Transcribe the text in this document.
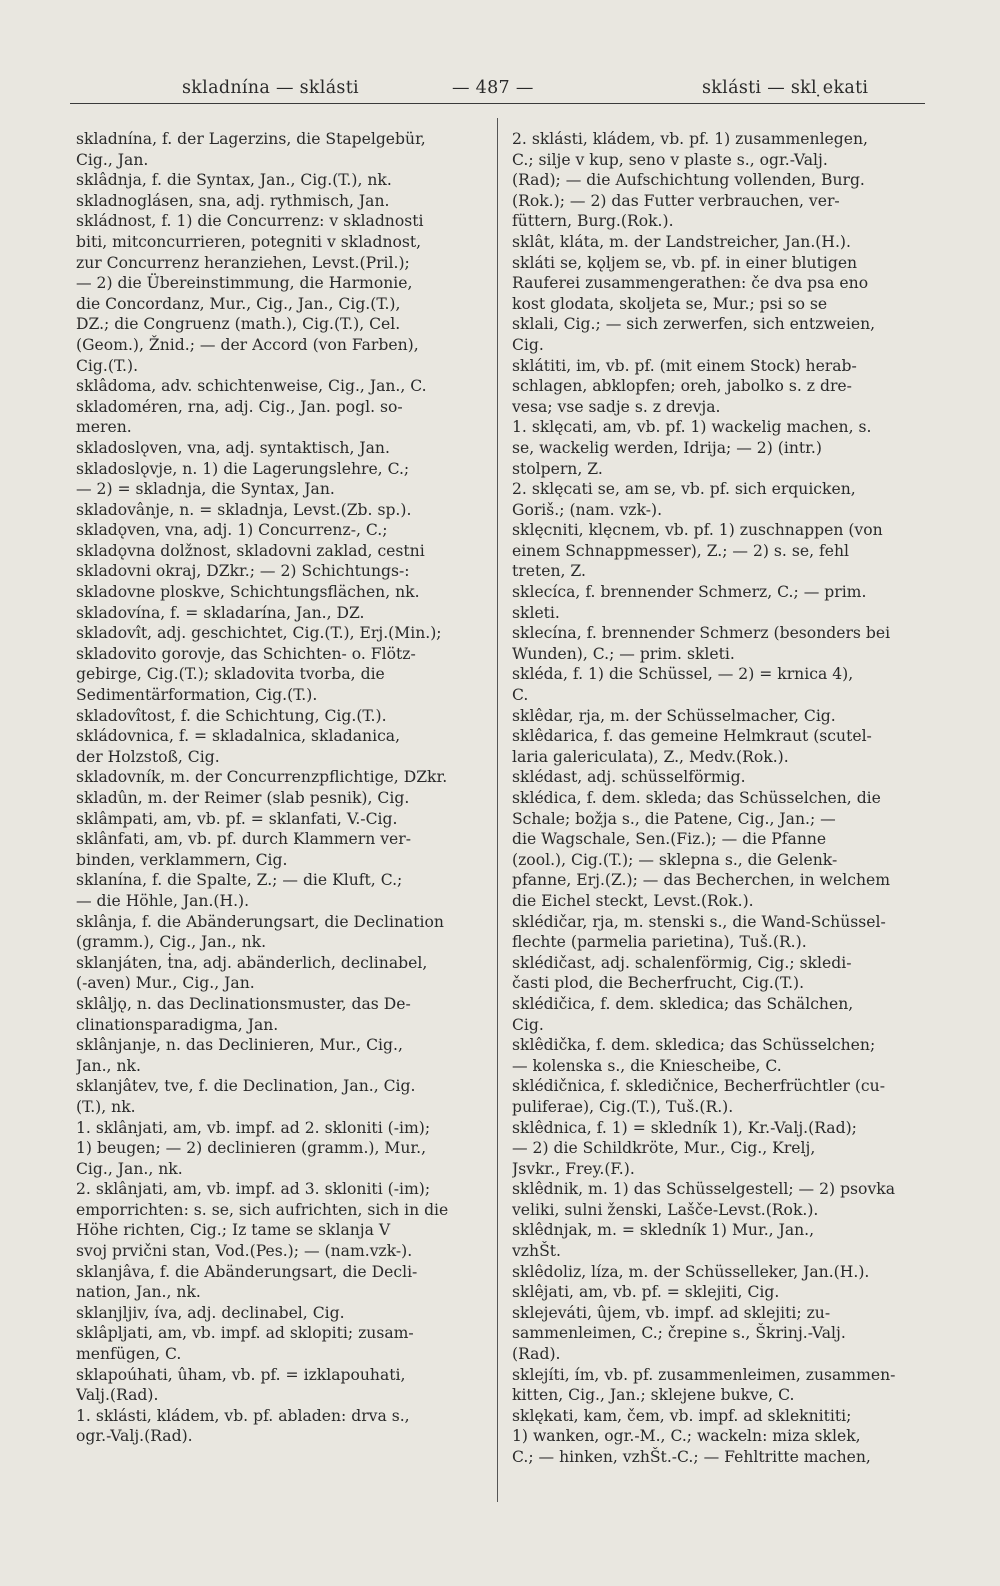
skladnína — sklásti	— 487 —	sklásti — skl ̣ekati
skladnína, f. der Lagerzins, die Stapelgebür,
Cig., Jan.
sklâdnja, f. die Syntax, Jan., Cig.(T.), nk.
skladnoglásen, sna, adj. rythmisch, Jan.
skládnost, f. 1) die Concurrenz: v skladnosti
biti, mitconcurrieren, potegniti v skladnost,
zur Concurrenz heranziehen, Levst.(Pril.);
— 2) die Übereinstimmung, die Harmonie,
die Concordanz, Mur., Cig., Jan., Cig.(T.),
DZ.; die Congruenz (math.), Cig.(T.), Cel.
(Geom.), Žnid.; — der Accord (von Farben),
Cig.(T.).
sklâdoma, adv. schichtenweise, Cig., Jan., C.
skladoméren, rna, adj. Cig., Jan. pogl. so-
meren.
skladoslǫven, vna, adj. syntaktisch, Jan.
skladoslǫvje, n. 1) die Lagerungslehre, C.;
— 2) = skladnja, die Syntax, Jan.
skladovânje, n. = skladnja, Levst.(Zb. sp.).
skladǫven, vna, adj. 1) Concurrenz-, C.;
skladǫvna dolžnost, skladovni zaklad, cestni
skladovni okraj, DZkr.; — 2) Schichtungs-:
skladovne ploskve, Schichtungsflächen, nk.
skladovína, f. = skladarína, Jan., DZ.
skladovît, adj. geschichtet, Cig.(T.), Erj.(Min.);
skladovito gorovje, das Schichten- o. Flötz-
gebirge, Cig.(T.); skladovita tvorba, die
Sedimentärformation, Cig.(T.).
skladovîtost, f. die Schichtung, Cig.(T.).
skládovnica, f. = skladalnica, skladanica,
der Holzstoß, Cig.
skladovník, m. der Concurrenzpflichtige, DZkr.
skladûn, m. der Reimer (slab pesnik), Cig.
sklâmpati, am, vb. pf. = sklanfati, V.-Cig.
sklânfati, am, vb. pf. durch Klammern ver-
binden, verklammern, Cig.
sklanína, f. die Spalte, Z.; — die Kluft, C.;
— die Höhle, Jan.(H.).
sklânja, f. die Abänderungsart, die Declination
(gramm.), Cig., Jan., nk.
sklanjáten, ṫna, adj. abänderlich, declinabel,
(-aven) Mur., Cig., Jan.
sklâljǫ, n. das Declinationsmuster, das De-
clinationsparadigma, Jan.
sklânjanje, n. das Declinieren, Mur., Cig.,
Jan., nk.
sklanjâtev, tve, f. die Declination, Jan., Cig.
(T.), nk.
1. sklânjati, am, vb. impf. ad 2. skloniti (-im);
1) beugen; — 2) declinieren (gramm.), Mur.,
Cig., Jan., nk.
2. sklânjati, am, vb. impf. ad 3. skloniti (-im);
emporrichten: s. se, sich aufrichten, sich in die
Höhe richten, Cig.; Iz tame se sklanja V
svoj prvični stan, Vod.(Pes.); — (nam.vzk-).
sklanjâva, f. die Abänderungsart, die Decli-
nation, Jan., nk.
sklanjljiv, íva, adj. declinabel, Cig.
sklâpljati, am, vb. impf. ad sklopiti; zusam-
menfügen, C.
sklapoúhati, ûham, vb. pf. = izklapouhati,
Valj.(Rad).
1. sklásti, kládem, vb. pf. abladen: drva s.,
ogr.-Valj.(Rad).
2. sklásti, kládem, vb. pf. 1) zusammenlegen,
C.; silje v kup, seno v plaste s., ogr.-Valj.
(Rad); — die Aufschichtung vollenden, Burg.
(Rok.); — 2) das Futter verbrauchen, ver-
füttern, Burg.(Rok.).
sklât, kláta, m. der Landstreicher, Jan.(H.).
skláti se, kǫljem se, vb. pf. in einer blutigen
Rauferei zusammengerathen: če dva psa eno
kost glodata, skoljeta se, Mur.; psi so se
sklali, Cig.; — sich zerwerfen, sich entzweien,
Cig.
sklátiti, im, vb. pf. (mit einem Stock) herab-
schlagen, abklopfen; oreh, jabolko s. z dre-
vesa; vse sadje s. z drevja.
1. sklęcati, am, vb. pf. 1) wackelig machen, s.
se, wackelig werden, Idrija; — 2) (intr.)
stolpern, Z.
2. sklęcati se, am se, vb. pf. sich erquicken,
Goriš.; (nam. vzk-).
sklęcniti, klęcnem, vb. pf. 1) zuschnappen (von
einem Schnappmesser), Z.; — 2) s. se, fehl
treten, Z.
sklecíca, f. brennender Schmerz, C.; — prim.
skleti.
sklecína, f. brennender Schmerz (besonders bei
Wunden), C.; — prim. skleti.
skléda, f. 1) die Schüssel, — 2) = krnica 4),
C.
sklêdar, rja, m. der Schüsselmacher, Cig.
sklêdarica, f. das gemeine Helmkraut (scutel-
laria galericulata), Z., Medv.(Rok.).
sklédast, adj. schüsselförmig.
sklédica, f. dem. skleda; das Schüsselchen, die
Schale; božja s., die Patene, Cig., Jan.; —
die Wagschale, Sen.(Fiz.); — die Pfanne
(zool.), Cig.(T.); — sklepna s., die Gelenk-
pfanne, Erj.(Z.); — das Becherchen, in welchem
die Eichel steckt, Levst.(Rok.).
sklédičar, rja, m. stenski s., die Wand-Schüssel-
flechte (parmelia parietina), Tuš.(R.).
sklédičast, adj. schalenförmig, Cig.; skledi-
časti plod, die Becherfrucht, Cig.(T.).
sklédičica, f. dem. skledica; das Schälchen,
Cig.
sklêdička, f. dem. skledica; das Schüsselchen;
— kolenska s., die Kniescheibe, C.
sklédičnica, f. skledičnice, Becherfrüchtler (cu-
puliferae), Cig.(T.), Tuš.(R.).
sklêdnica, f. 1) = skledník 1), Kr.-Valj.(Rad);
— 2) die Schildkröte, Mur., Cig., Krelj,
Jsvkr., Frey.(F.).
sklêdnik, m. 1) das Schüsselgestell; — 2) psovka
veliki, sulni ženski, Lašče-Levst.(Rok.).
sklêdnjak, m. = skledník 1) Mur., Jan.,
vzhŠt.
sklêdoliz, líza, m. der Schüsselleker, Jan.(H.).
sklêjati, am, vb. pf. = sklejiti, Cig.
sklejeváti, ûjem, vb. impf. ad sklejiti; zu-
sammenleimen, C.; črepine s., Škrinj.-Valj.
(Rad).
sklejíti, ím, vb. pf. zusammenleimen, zusammen-
kitten, Cig., Jan.; sklejene bukve, C.
sklękati, kam, čem, vb. impf. ad skleknititi;
1) wanken, ogr.-M., C.; wackeln: miza sklek,
C.; — hinken, vzhŠt.-C.; — Fehltritte machen,
